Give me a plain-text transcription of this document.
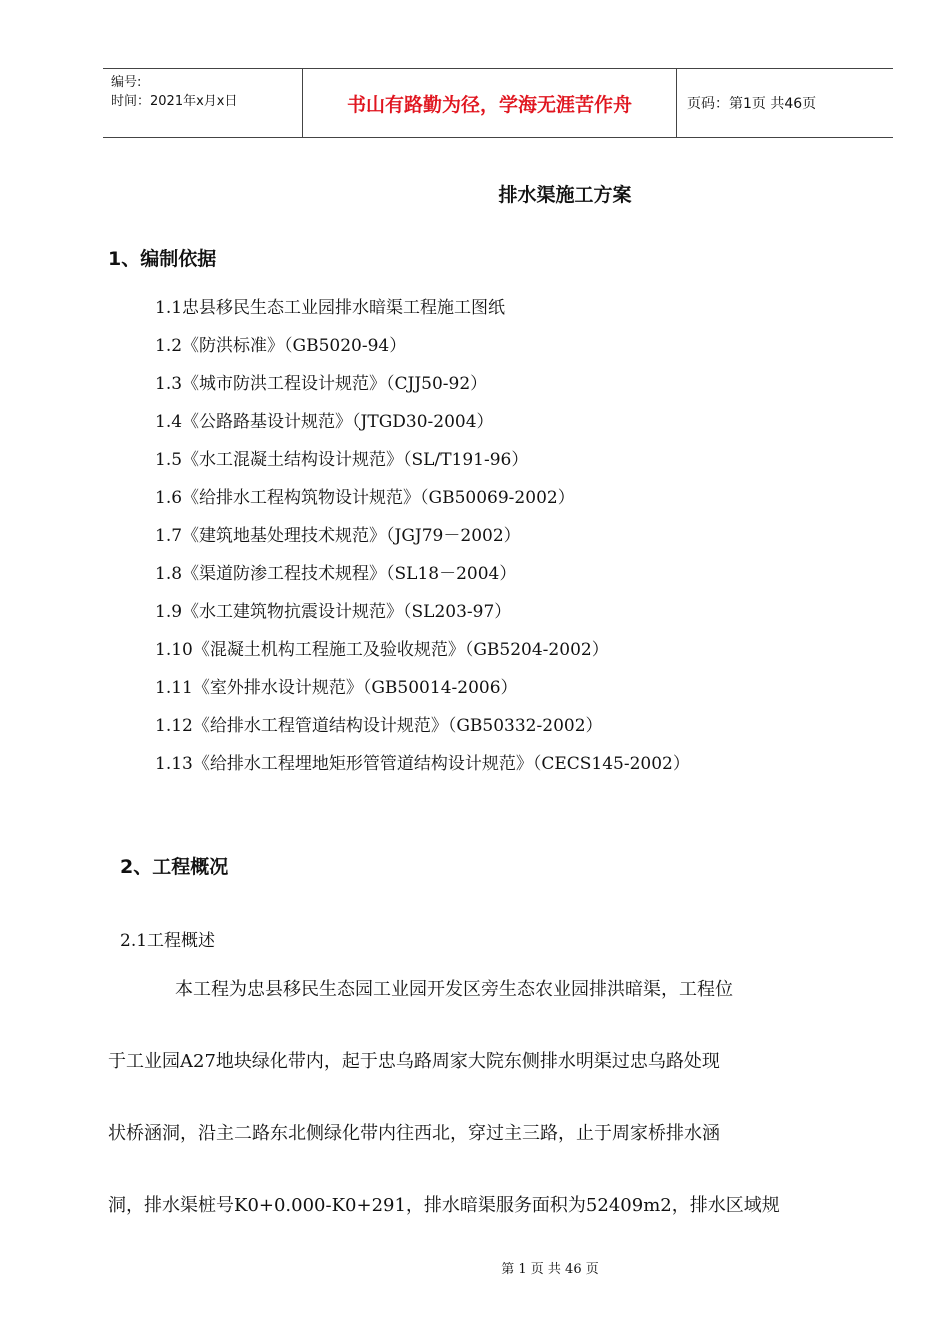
编号:
时间：2021年x月x日	书山有路勤为径，学海无涯苦作舟	页码：第1页 共46页
排水渠施工方案
1、编制依据
1.1忠县移民生态工业园排水暗渠工程施工图纸
1.2《防洪标准》（GB5020-94）
1.3《城市防洪工程设计规范》（CJJ50-92）
1.4《公路路基设计规范》（JTGD30-2004）
1.5《水工混凝土结构设计规范》（SL/T191-96）
1.6《给排水工程构筑物设计规范》（GB50069-2002）
1.7《建筑地基处理技术规范》（JGJ79－2002）
1.8《渠道防渗工程技术规程》（SL18－2004）
1.9《水工建筑物抗震设计规范》（SL203-97）
1.10《混凝土机构工程施工及验收规范》（GB5204-2002）
1.11《室外排水设计规范》（GB50014-2006）
1.12《给排水工程管道结构设计规范》（GB50332-2002）
1.13《给排水工程埋地矩形管管道结构设计规范》（CECS145-2002）
2、工程概况
2.1工程概述
本工程为忠县移民生态园工业园开发区旁生态农业园排洪暗渠，工程位
于工业园A27地块绿化带内，起于忠乌路周家大院东侧排水明渠过忠乌路处现
状桥涵洞，沿主二路东北侧绿化带内往西北，穿过主三路，止于周家桥排水涵
洞，排水渠桩号K0+0.000-K0+291，排水暗渠服务面积为52409m2，排水区域规
第 1 页 共 46 页
